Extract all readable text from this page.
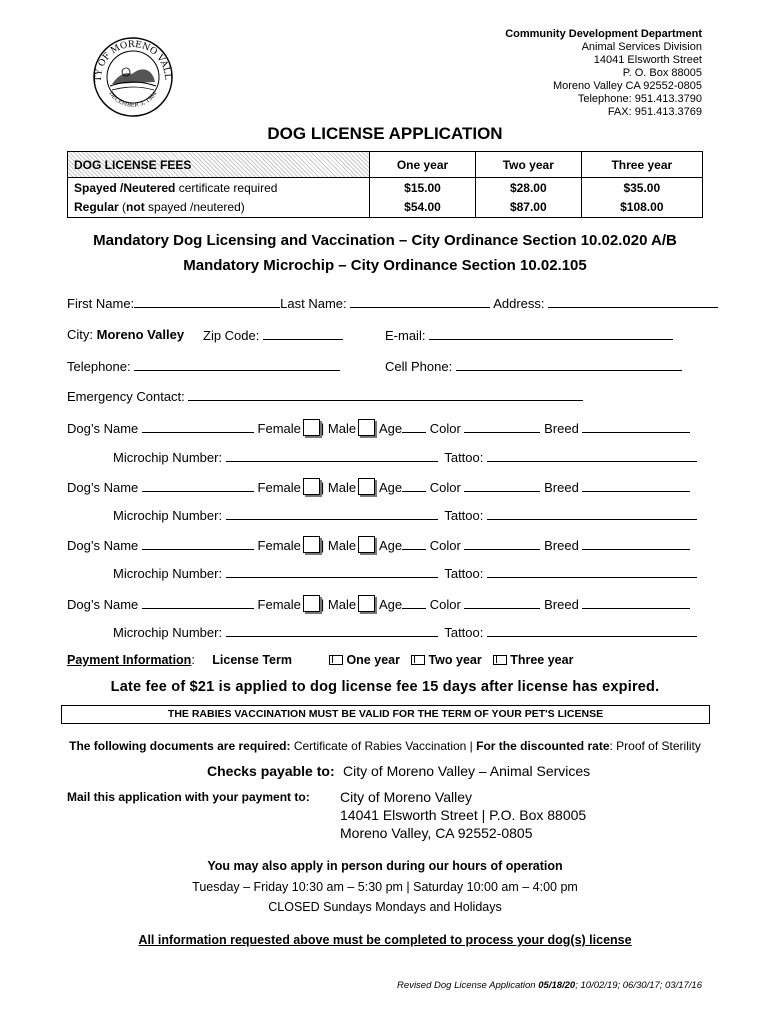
TY OF MORENO VALL
DECEMBER 3, 1984
Community Development Department
Animal Services Division
14041 Elsworth Street
P. O. Box 88005
Moreno Valley CA 92552-0805
Telephone: 951.413.3790
FAX: 951.413.3769
DOG LICENSE APPLICATION
DOG LICENSE FEES	One year	Two year	Three year
Spayed /Neutered certificate required	$15.00	$28.00	$35.00
Regular (not spayed /neutered)	$54.00	$87.00	$108.00
Mandatory Dog Licensing and Vaccination – City Ordinance Section 10.02.020 A/B
Mandatory Microchip – City Ordinance Section 10.02.105
First Name:	Last Name:	Address:
City: Moreno Valley Zip Code:	E-mail:
Telephone:	Cell Phone:
Emergency Contact:
Dog’s Name	Female | Male Age Color	Breed
Microchip Number:	Tattoo:
Dog’s Name	Female | Male Age Color	Breed
Microchip Number:	Tattoo:
Dog’s Name	Female | Male Age Color	Breed
Microchip Number:	Tattoo:
Dog’s Name	Female | Male Age Color	Breed
Microchip Number:	Tattoo:
Payment Information: License Term	One year Two year Three year
Late fee of $21 is applied to dog license fee 15 days after license has expired.
THE RABIES VACCINATION MUST BE VALID FOR THE TERM OF YOUR PET'S LICENSE
The following documents are required: Certificate of Rabies Vaccination | For the discounted rate: Proof of Sterility
Checks payable to: City of Moreno Valley – Animal Services
Mail this application with your payment to: City of Moreno Valley
14041 Elsworth Street | P.O. Box 88005
Moreno Valley, CA 92552-0805
You may also apply in person during our hours of operation
Tuesday – Friday 10:30 am – 5:30 pm | Saturday 10:00 am – 4:00 pm
CLOSED Sundays Mondays and Holidays
All information requested above must be completed to process your dog(s) license
Revised Dog License Application 05/18/20; 10/02/19; 06/30/17; 03/17/16
